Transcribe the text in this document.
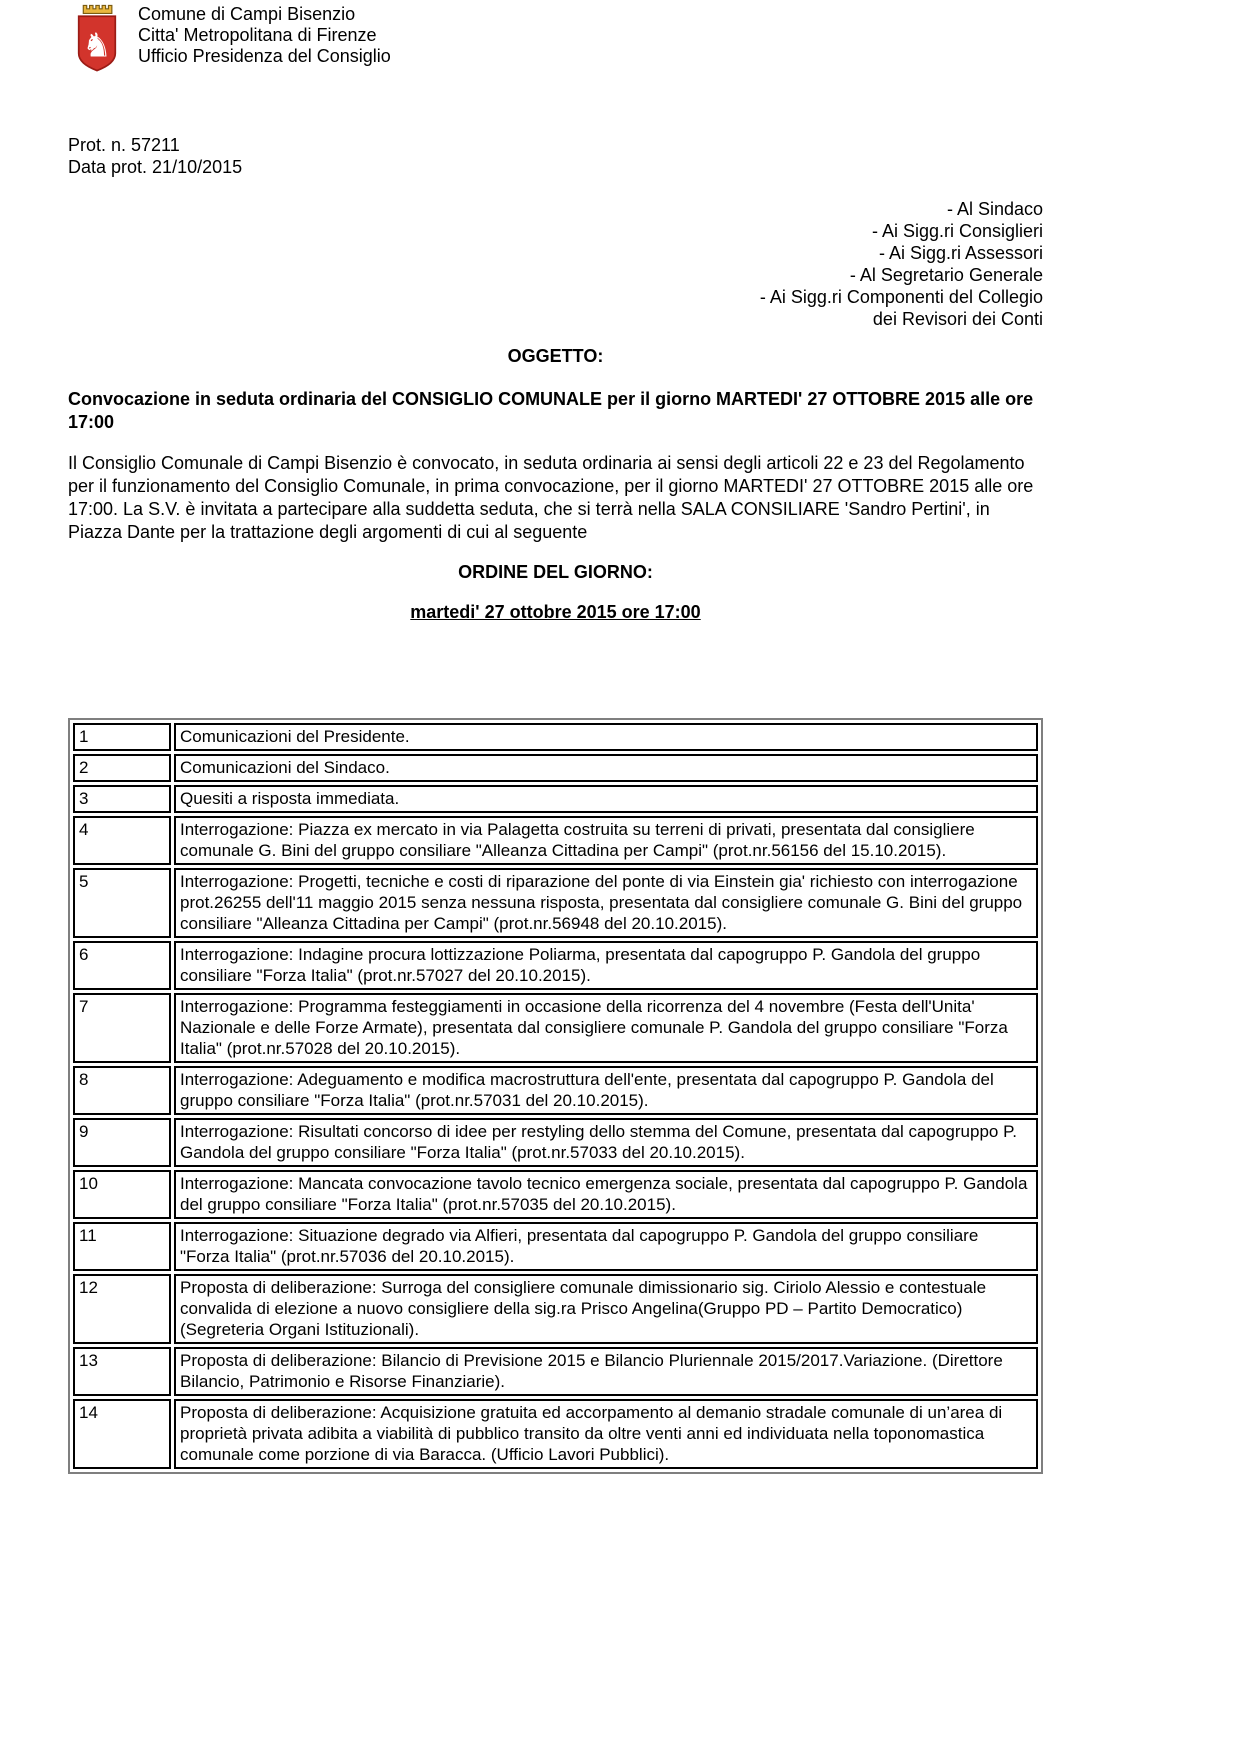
♞
Comune di Campi Bisenzio
Citta' Metropolitana di Firenze
Ufficio Presidenza del Consiglio
Prot. n. 57211
Data prot. 21/10/2015
- Al Sindaco
- Ai Sigg.ri Consiglieri
- Ai Sigg.ri Assessori
- Al Segretario Generale
- Ai Sigg.ri Componenti del Collegio
dei Revisori dei Conti
OGGETTO:
Convocazione in seduta ordinaria del CONSIGLIO COMUNALE per il giorno MARTEDI' 27 OTTOBRE 2015 alle ore 17:00
Il Consiglio Comunale di Campi Bisenzio è convocato, in seduta ordinaria ai sensi degli articoli 22 e 23 del Regolamento per il funzionamento del Consiglio Comunale, in prima convocazione, per il giorno MARTEDI' 27 OTTOBRE 2015 alle ore 17:00. La S.V. è invitata a partecipare alla suddetta seduta, che si terrà nella SALA CONSILIARE 'Sandro Pertini', in Piazza Dante per la trattazione degli argomenti di cui al seguente
ORDINE DEL GIORNO:
martedi' 27 ottobre 2015 ore 17:00
1	Comunicazioni del Presidente.
2	Comunicazioni del Sindaco.
3	Quesiti a risposta immediata.
4	Interrogazione: Piazza ex mercato in via Palagetta costruita su terreni di privati, presentata dal consigliere comunale G. Bini del gruppo consiliare "Alleanza Cittadina per Campi" (prot.nr.56156 del 15.10.2015).
5	Interrogazione: Progetti, tecniche e costi di riparazione del ponte di via Einstein gia' richiesto con interrogazione prot.26255 dell'11 maggio 2015 senza nessuna risposta, presentata dal consigliere comunale G. Bini del gruppo consiliare "Alleanza Cittadina per Campi" (prot.nr.56948 del 20.10.2015).
6	Interrogazione: Indagine procura lottizzazione Poliarma, presentata dal capogruppo P. Gandola del gruppo consiliare "Forza Italia" (prot.nr.57027 del 20.10.2015).
7	Interrogazione: Programma festeggiamenti in occasione della ricorrenza del 4 novembre (Festa dell'Unita' Nazionale e delle Forze Armate), presentata dal consigliere comunale P. Gandola del gruppo consiliare "Forza Italia" (prot.nr.57028 del 20.10.2015).
8	Interrogazione: Adeguamento e modifica macrostruttura dell'ente, presentata dal capogruppo P. Gandola del gruppo consiliare "Forza Italia" (prot.nr.57031 del 20.10.2015).
9	Interrogazione: Risultati concorso di idee per restyling dello stemma del Comune, presentata dal capogruppo P. Gandola del gruppo consiliare "Forza Italia" (prot.nr.57033 del 20.10.2015).
10	Interrogazione: Mancata convocazione tavolo tecnico emergenza sociale, presentata dal capogruppo P. Gandola del gruppo consiliare "Forza Italia" (prot.nr.57035 del 20.10.2015).
11	Interrogazione: Situazione degrado via Alfieri, presentata dal capogruppo P. Gandola del gruppo consiliare "Forza Italia" (prot.nr.57036 del 20.10.2015).
12	Proposta di deliberazione: Surroga del consigliere comunale dimissionario sig. Ciriolo Alessio e contestuale convalida di elezione a nuovo consigliere della sig.ra Prisco Angelina(Gruppo PD – Partito Democratico)(Segreteria Organi Istituzionali).
13	Proposta di deliberazione: Bilancio di Previsione 2015 e Bilancio Pluriennale 2015/2017.Variazione. (Direttore Bilancio, Patrimonio e Risorse Finanziarie).
14	Proposta di deliberazione: Acquisizione gratuita ed accorpamento al demanio stradale comunale di un’area di proprietà privata adibita a viabilità di pubblico transito da oltre venti anni ed individuata nella toponomastica comunale come porzione di via Baracca. (Ufficio Lavori Pubblici).
